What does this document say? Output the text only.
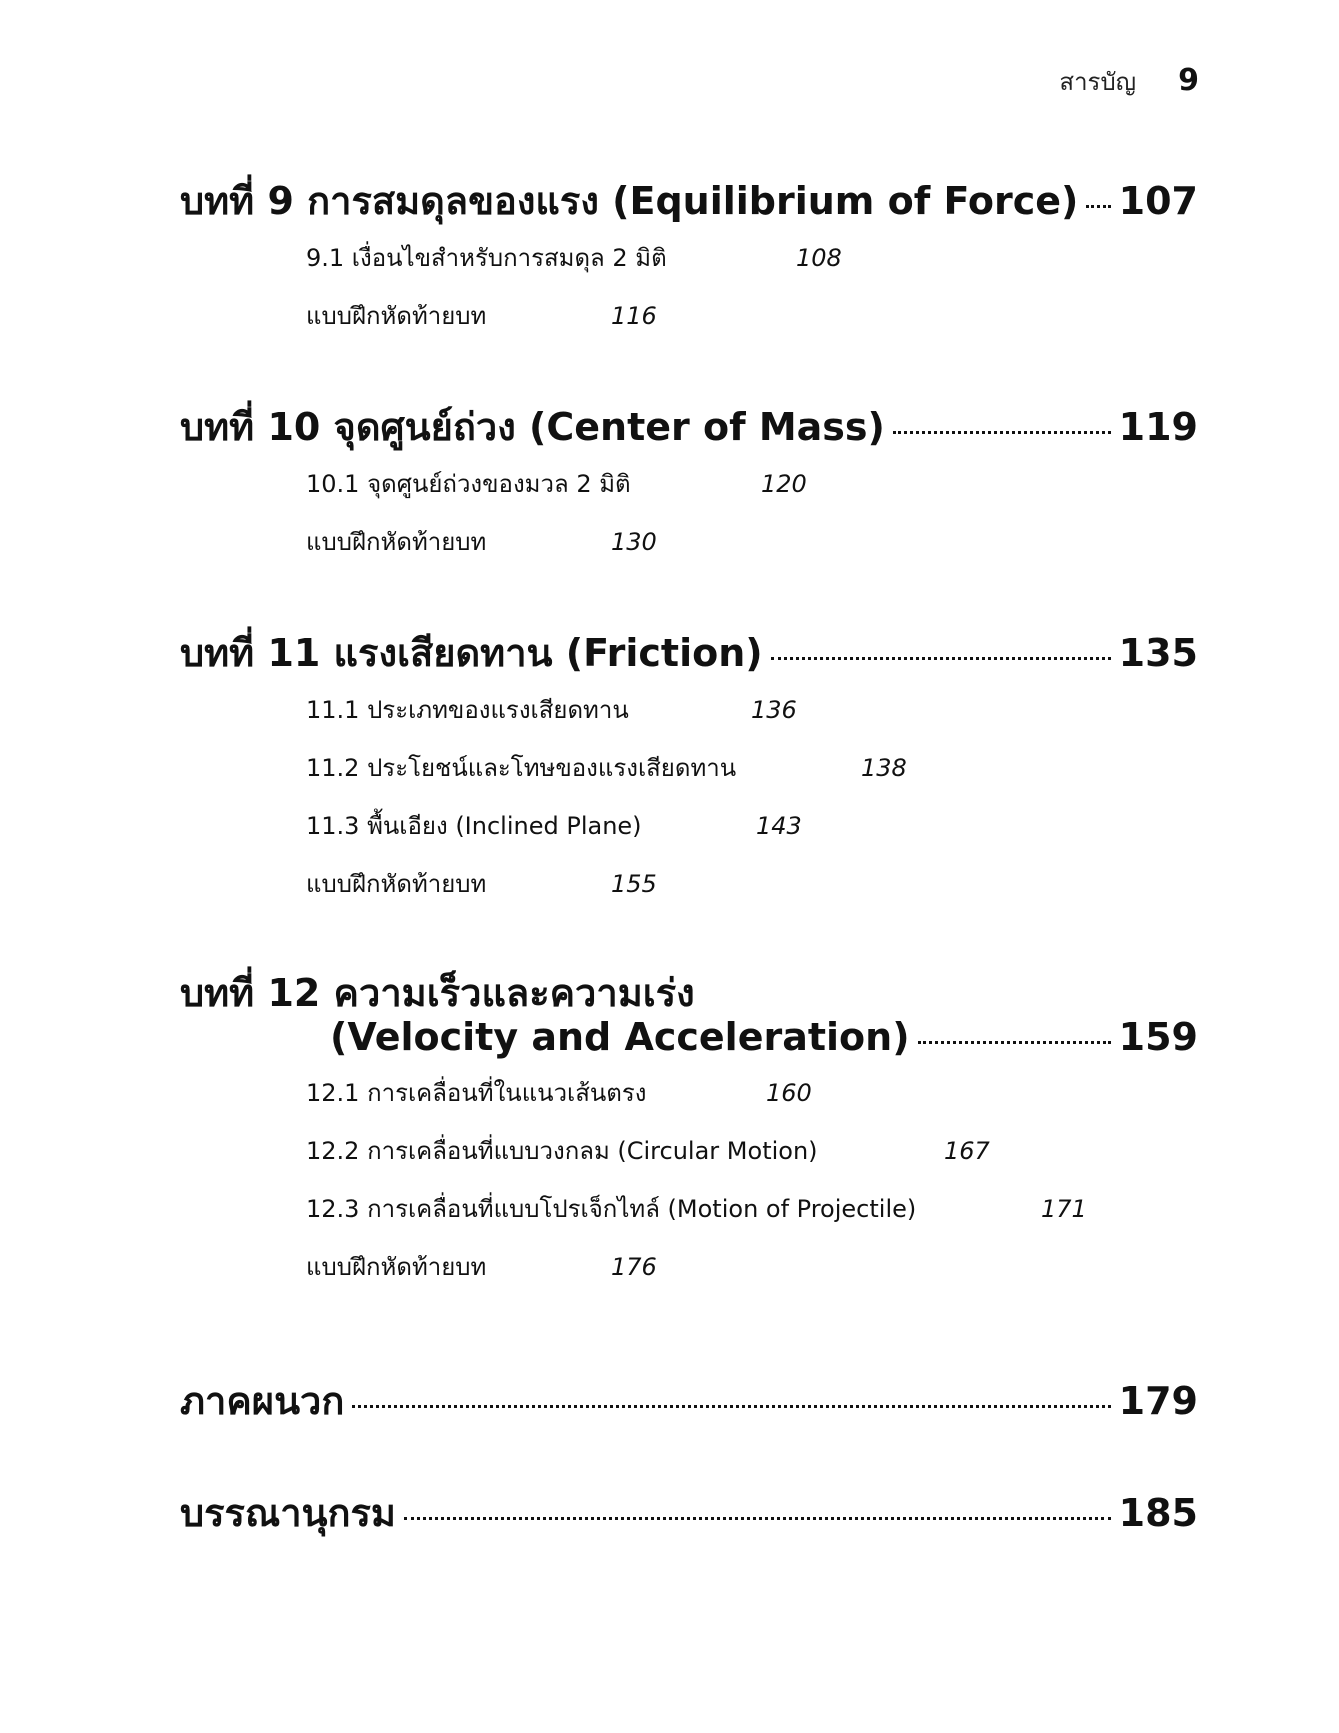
สารบัญ 9
บทที่ 9 การสมดุลของแรง (Equilibrium of Force) 107
9.1 เงื่อนไขสำหรับการสมดุล 2 มิติ	108
แบบฝึกหัดท้ายบท	116
บทที่ 10 จุดศูนย์ถ่วง (Center of Mass)	119
10.1 จุดศูนย์ถ่วงของมวล 2 มิติ	120
แบบฝึกหัดท้ายบท	130
บทที่ 11 แรงเสียดทาน (Friction)	135
11.1 ประเภทของแรงเสียดทาน	136
11.2 ประโยชน์และโทษของแรงเสียดทาน	138
11.3 พื้นเอียง (Inclined Plane)	143
แบบฝึกหัดท้ายบท	155
บทที่ 12 ความเร็วและความเร่ง
(Velocity and Acceleration)	159
12.1 การเคลื่อนที่ในแนวเส้นตรง	160
12.2 การเคลื่อนที่แบบวงกลม (Circular Motion)	167
12.3 การเคลื่อนที่แบบโปรเจ็กไทล์ (Motion of Projectile)	171
แบบฝึกหัดท้ายบท	176
ภาคผนวก	179
บรรณานุกรม	185
